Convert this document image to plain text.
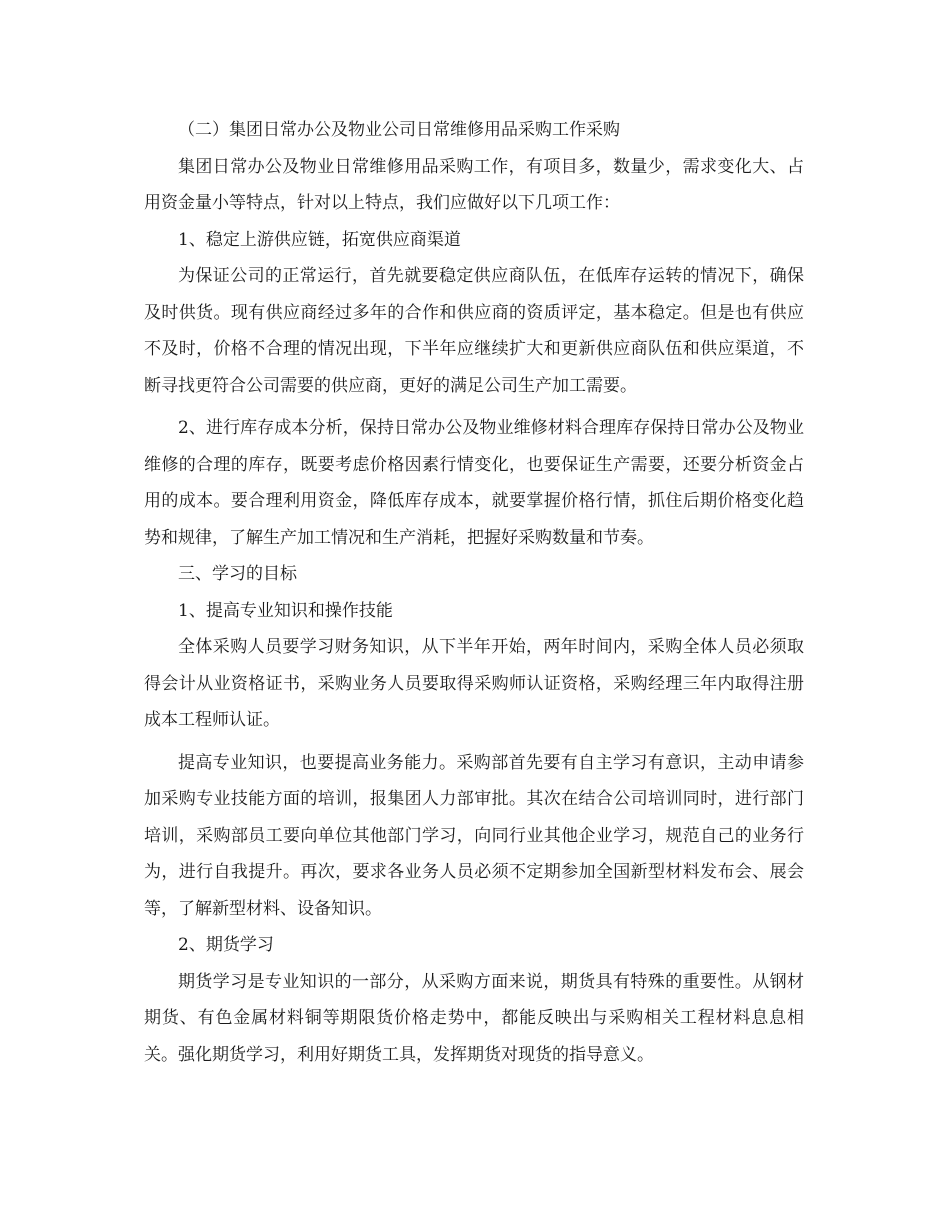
（二）集团日常办公及物业公司日常维修用品采购工作采购

集团日常办公及物业日常维修用品采购工作，有项目多，数量少，需求变化大、占用资金量小等特点，针对以上特点，我们应做好以下几项工作：

1、稳定上游供应链，拓宽供应商渠道

为保证公司的正常运行，首先就要稳定供应商队伍，在低库存运转的情况下，确保及时供货。现有供应商经过多年的合作和供应商的资质评定，基本稳定。但是也有供应不及时，价格不合理的情况出现，下半年应继续扩大和更新供应商队伍和供应渠道，不断寻找更符合公司需要的供应商，更好的满足公司生产加工需要。

2、进行库存成本分析，保持日常办公及物业维修材料合理库存保持日常办公及物业维修的合理的库存，既要考虑价格因素行情变化，也要保证生产需要，还要分析资金占用的成本。要合理利用资金，降低库存成本，就要掌握价格行情，抓住后期价格变化趋势和规律，了解生产加工情况和生产消耗，把握好采购数量和节奏。

三、学习的目标

1、提高专业知识和操作技能

全体采购人员要学习财务知识，从下半年开始，两年时间内，采购全体人员必须取得会计从业资格证书，采购业务人员要取得采购师认证资格，采购经理三年内取得注册成本工程师认证。

提高专业知识，也要提高业务能力。采购部首先要有自主学习有意识，主动申请参加采购专业技能方面的培训，报集团人力部审批。其次在结合公司培训同时，进行部门培训，采购部员工要向单位其他部门学习，向同行业其他企业学习，规范自己的业务行为，进行自我提升。再次，要求各业务人员必须不定期参加全国新型材料发布会、展会等，了解新型材料、设备知识。

2、期货学习

期货学习是专业知识的一部分，从采购方面来说，期货具有特殊的重要性。从钢材期货、有色金属材料铜等期限货价格走势中，都能反映出与采购相关工程材料息息相关。强化期货学习，利用好期货工具，发挥期货对现货的指导意义。
